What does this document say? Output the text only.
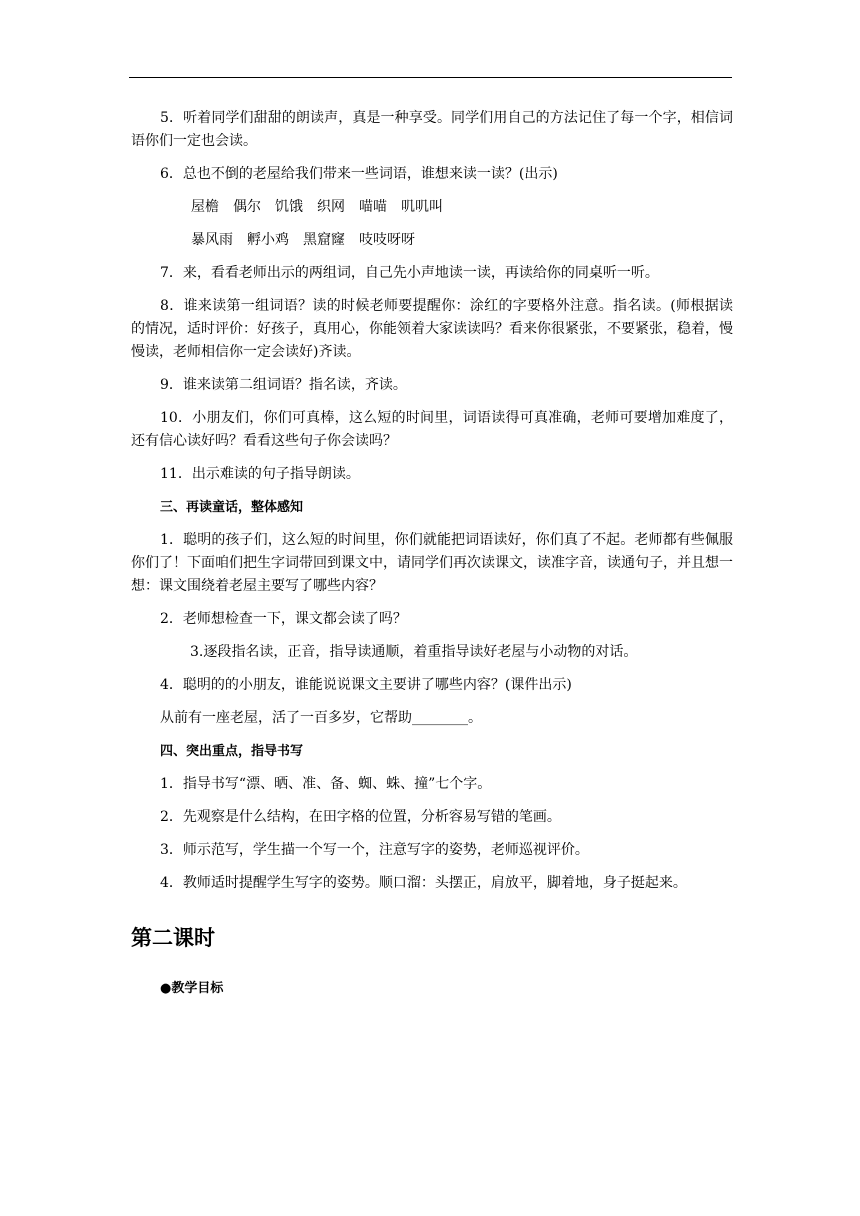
5．听着同学们甜甜的朗读声，真是一种享受。同学们用自己的方法记住了每一个字，相信词语你们一定也会读。

6．总也不倒的老屋给我们带来一些词语，谁想来读一读？(出示)

屋檐　偶尔　饥饿　织网　喵喵　叽叽叫

暴风雨　孵小鸡　黑窟窿　吱吱呀呀

7．来，看看老师出示的两组词，自己先小声地读一读，再读给你的同桌听一听。

8．谁来读第一组词语？读的时候老师要提醒你：涂红的字要格外注意。指名读。(师根据读的情况，适时评价：好孩子，真用心，你能领着大家读读吗？看来你很紧张，不要紧张，稳着，慢慢读，老师相信你一定会读好)齐读。

9．谁来读第二组词语？指名读，齐读。

10．小朋友们，你们可真棒，这么短的时间里，词语读得可真准确，老师可要增加难度了，还有信心读好吗？看看这些句子你会读吗？

11．出示难读的句子指导朗读。

三、再读童话，整体感知

1．聪明的孩子们，这么短的时间里，你们就能把词语读好，你们真了不起。老师都有些佩服你们了！下面咱们把生字词带回到课文中，请同学们再次读课文，读准字音，读通句子，并且想一想：课文围绕着老屋主要写了哪些内容？

2．老师想检查一下，课文都会读了吗？

3.逐段指名读，正音，指导读通顺，着重指导读好老屋与小动物的对话。

4．聪明的的小朋友，谁能说说课文主要讲了哪些内容？(课件出示)

从前有一座老屋，活了一百多岁，它帮助________。

四、突出重点，指导书写

1．指导书写“漂、晒、准、备、蜘、蛛、撞”七个字。

2．先观察是什么结构，在田字格的位置，分析容易写错的笔画。

3．师示范写，学生描一个写一个，注意写字的姿势，老师巡视评价。

4．教师适时提醒学生写字的姿势。顺口溜：头摆正，肩放平，脚着地，身子挺起来。

第二课时

●教学目标
